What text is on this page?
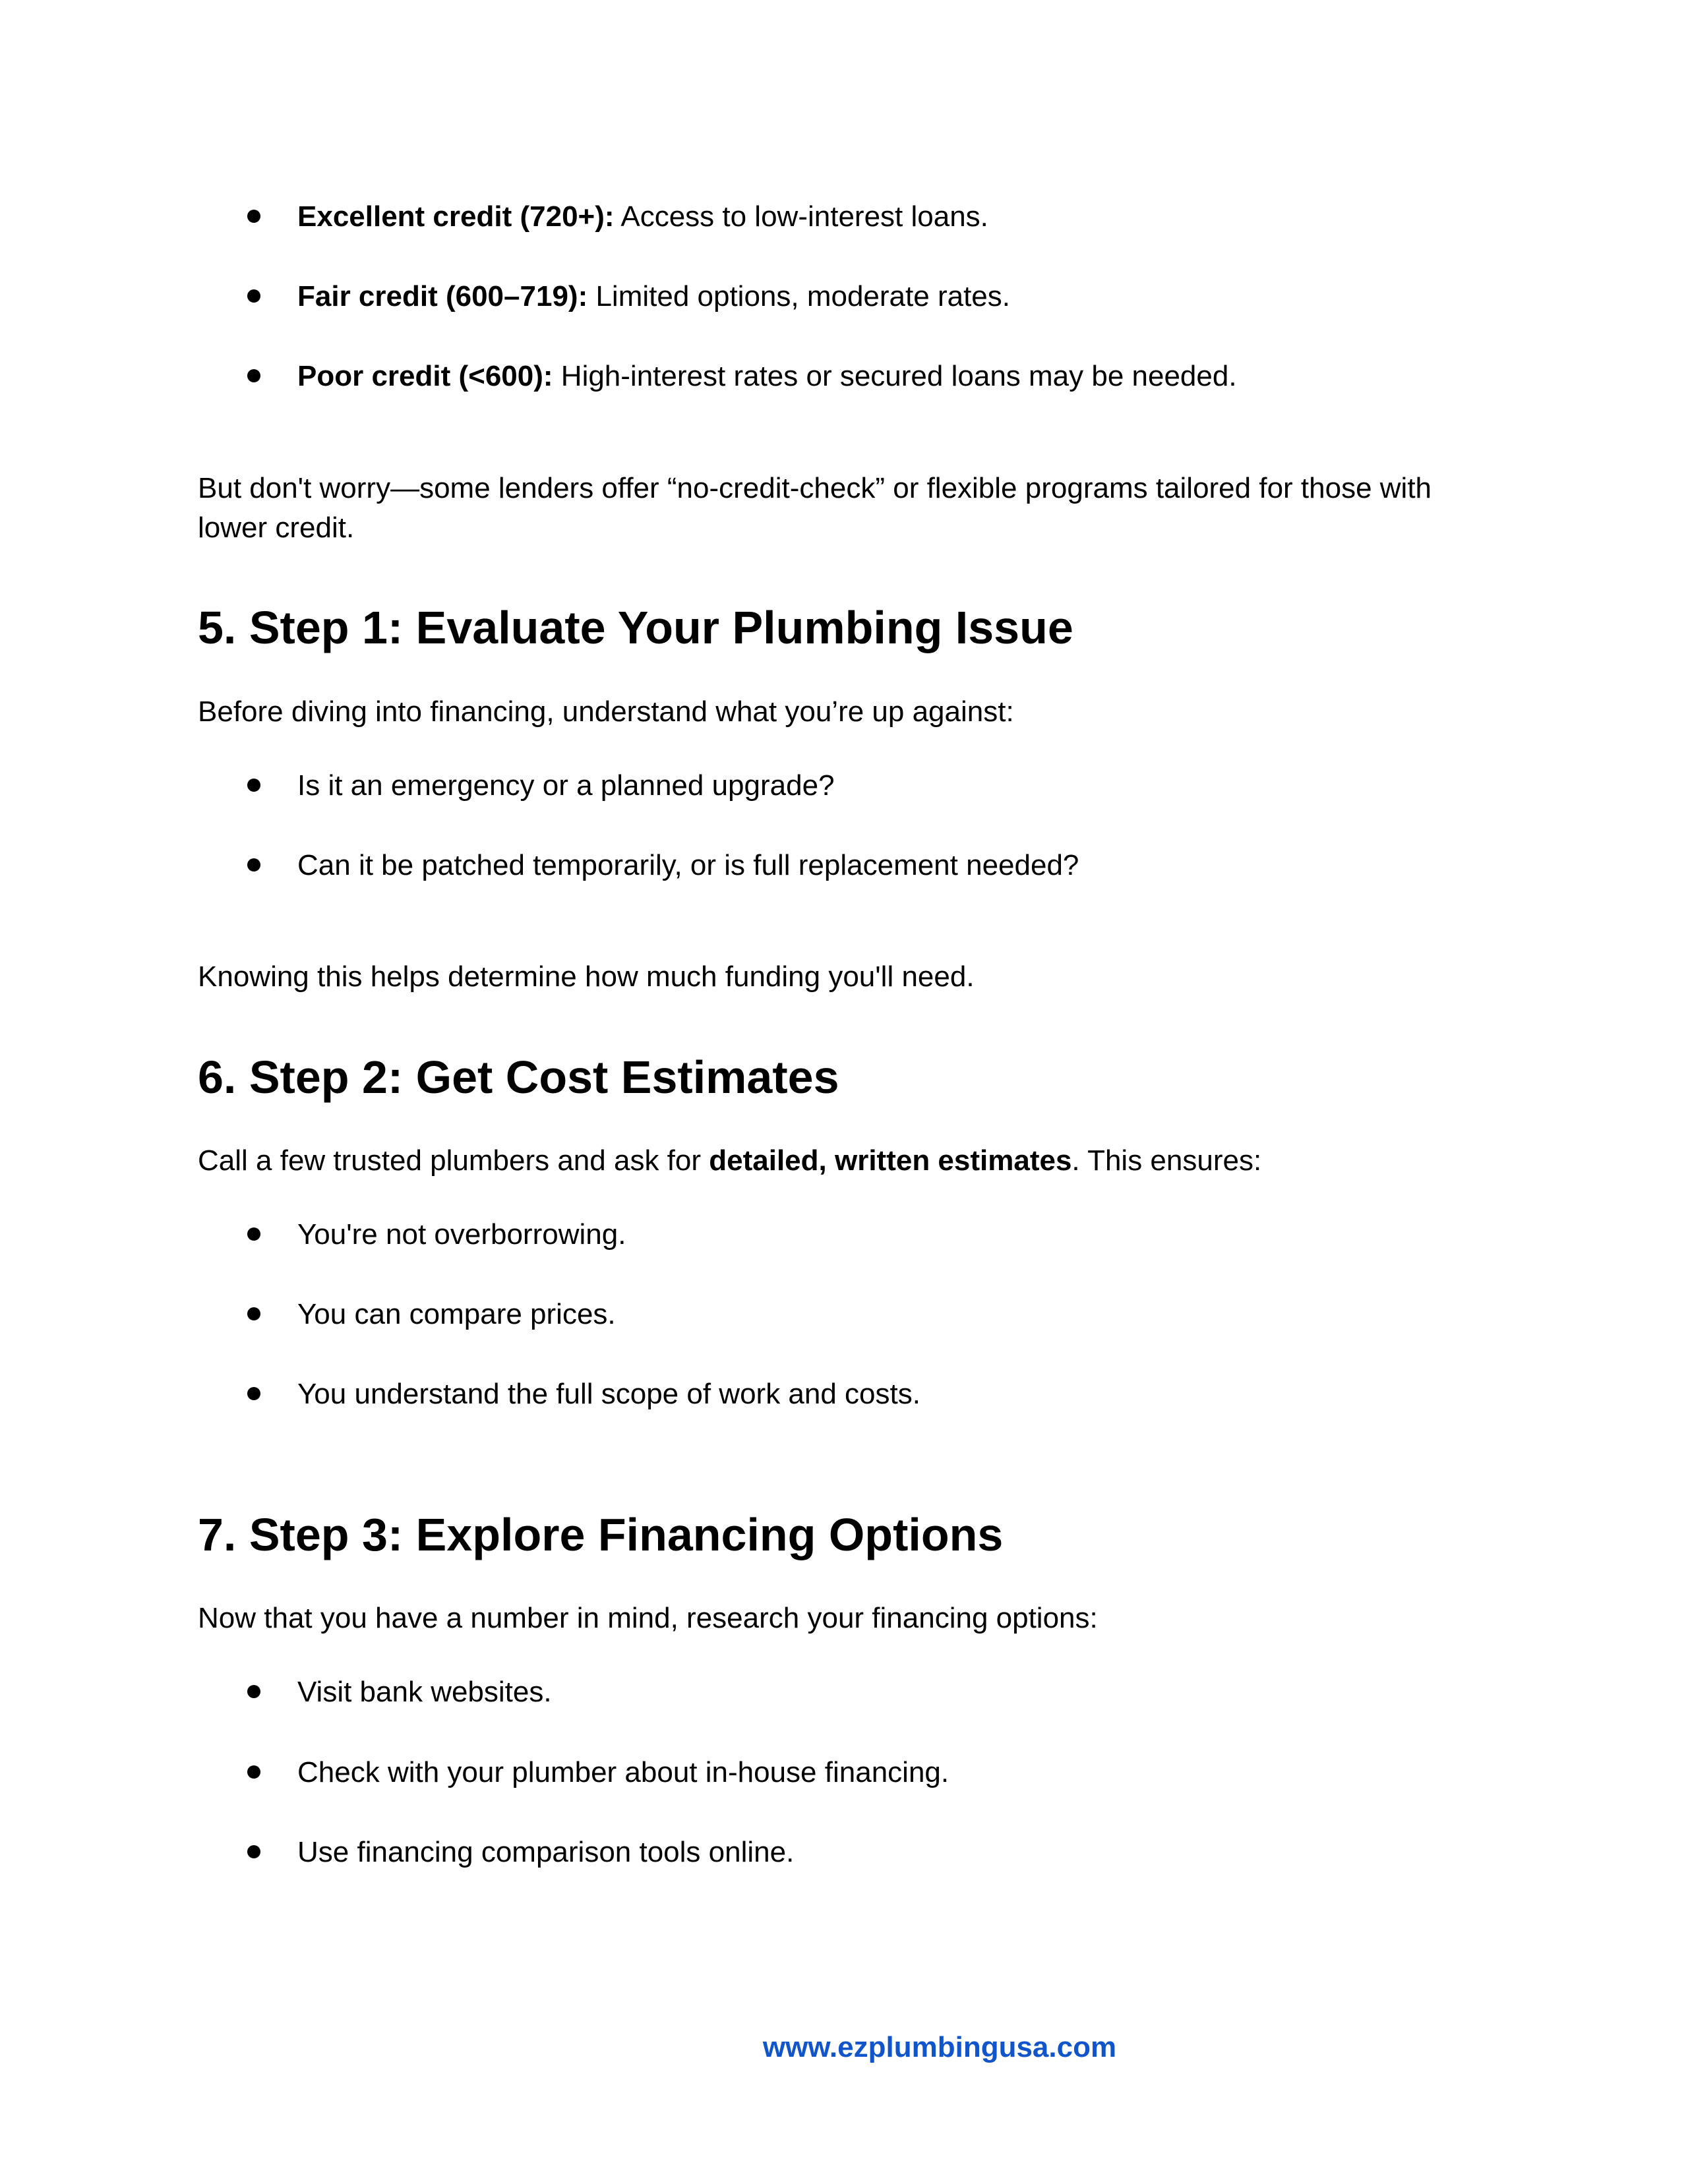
Excellent credit (720+): Access to low-interest loans.
Fair credit (600–719): Limited options, moderate rates.
Poor credit (<600): High-interest rates or secured loans may be needed.
But don't worry—some lenders offer “no-credit-check” or flexible programs tailored for those with lower credit.
5. Step 1: Evaluate Your Plumbing Issue
Before diving into financing, understand what you’re up against:
Is it an emergency or a planned upgrade?
Can it be patched temporarily, or is full replacement needed?
Knowing this helps determine how much funding you'll need.
6. Step 2: Get Cost Estimates
Call a few trusted plumbers and ask for detailed, written estimates. This ensures:
You're not overborrowing.
You can compare prices.
You understand the full scope of work and costs.
7. Step 3: Explore Financing Options
Now that you have a number in mind, research your financing options:
Visit bank websites.
Check with your plumber about in-house financing.
Use financing comparison tools online.
www.ezplumbingusa.com
